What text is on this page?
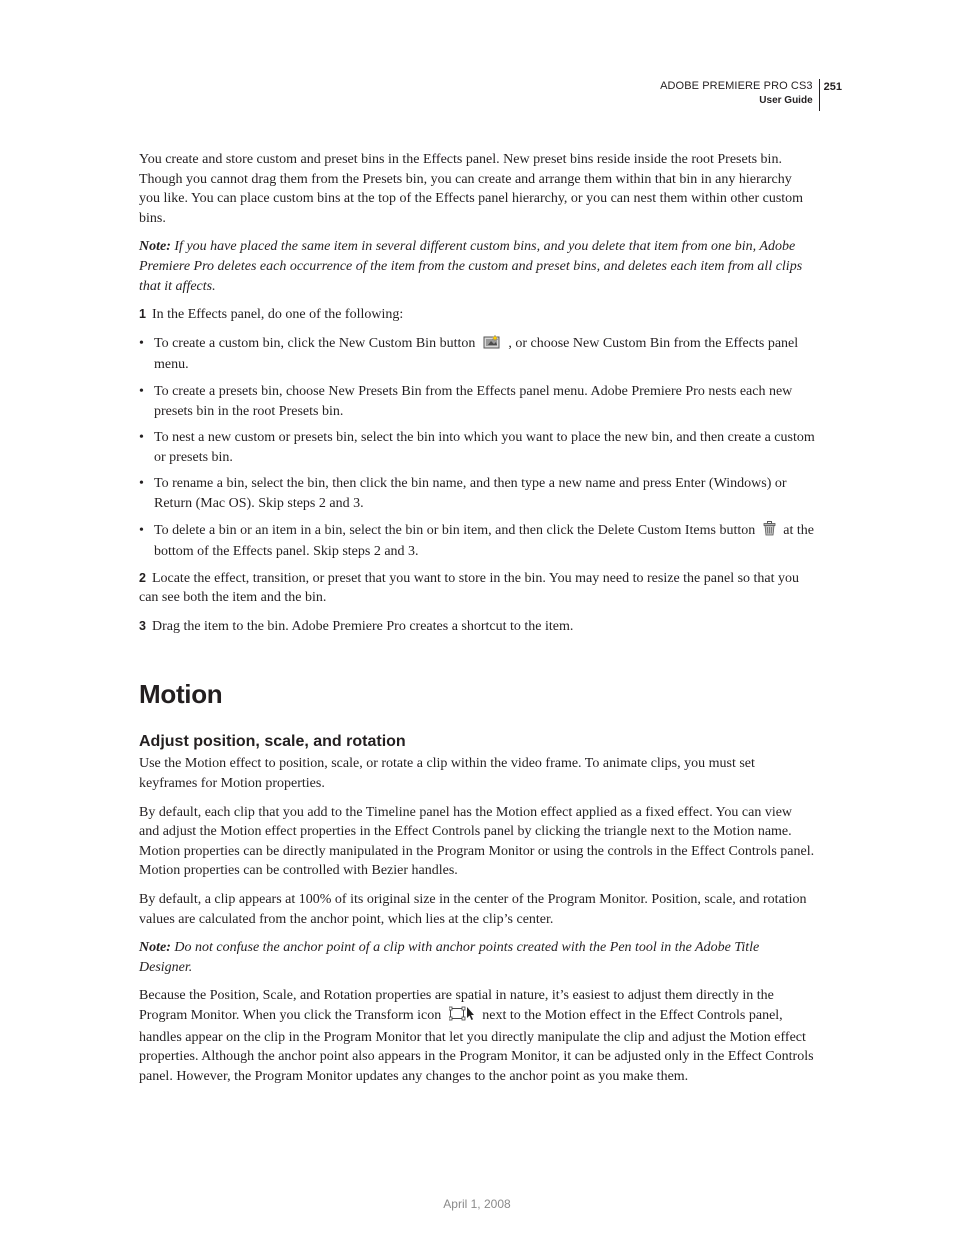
ADOBE PREMIERE PRO CS3
User Guide
251

You create and store custom and preset bins in the Effects panel. New preset bins reside inside the root Presets bin. Though you cannot drag them from the Presets bin, you can create and arrange them within that bin in any hierarchy you like. You can place custom bins at the top of the Effects panel hierarchy, or you can nest them within other custom bins.

Note: If you have placed the same item in several different custom bins, and you delete that item from one bin, Adobe Premiere Pro deletes each occurrence of the item from the custom and preset bins, and deletes each item from all clips that it affects.

1 In the Effects panel, do one of the following:
• To create a custom bin, click the New Custom Bin button , or choose New Custom Bin from the Effects panel menu.
• To create a presets bin, choose New Presets Bin from the Effects panel menu. Adobe Premiere Pro nests each new presets bin in the root Presets bin.
• To nest a new custom or presets bin, select the bin into which you want to place the new bin, and then create a custom or presets bin.
• To rename a bin, select the bin, then click the bin name, and then type a new name and press Enter (Windows) or Return (Mac OS). Skip steps 2 and 3.
• To delete a bin or an item in a bin, select the bin or bin item, and then click the Delete Custom Items button at the bottom of the Effects panel. Skip steps 2 and 3.
2 Locate the effect, transition, or preset that you want to store in the bin. You may need to resize the panel so that you can see both the item and the bin.
3 Drag the item to the bin. Adobe Premiere Pro creates a shortcut to the item.
Motion
Adjust position, scale, and rotation

Use the Motion effect to position, scale, or rotate a clip within the video frame. To animate clips, you must set keyframes for Motion properties.

By default, each clip that you add to the Timeline panel has the Motion effect applied as a fixed effect. You can view and adjust the Motion effect properties in the Effect Controls panel by clicking the triangle next to the Motion name. Motion properties can be directly manipulated in the Program Monitor or using the controls in the Effect Controls panel. Motion properties can be controlled with Bezier handles.

By default, a clip appears at 100% of its original size in the center of the Program Monitor. Position, scale, and rotation values are calculated from the anchor point, which lies at the clip’s center.

Note: Do not confuse the anchor point of a clip with anchor points created with the Pen tool in the Adobe Title Designer.

Because the Position, Scale, and Rotation properties are spatial in nature, it’s easiest to adjust them directly in the Program Monitor. When you click the Transform icon	next to the Motion effect in the Effect Controls panel, handles appear on the clip in the Program Monitor that let you directly manipulate the clip and adjust the Motion effect properties. Although the anchor point also appears in the Program Monitor, it can be adjusted only in the Effect Controls panel. However, the Program Monitor updates any changes to the anchor point as you make them.

April 1, 2008
